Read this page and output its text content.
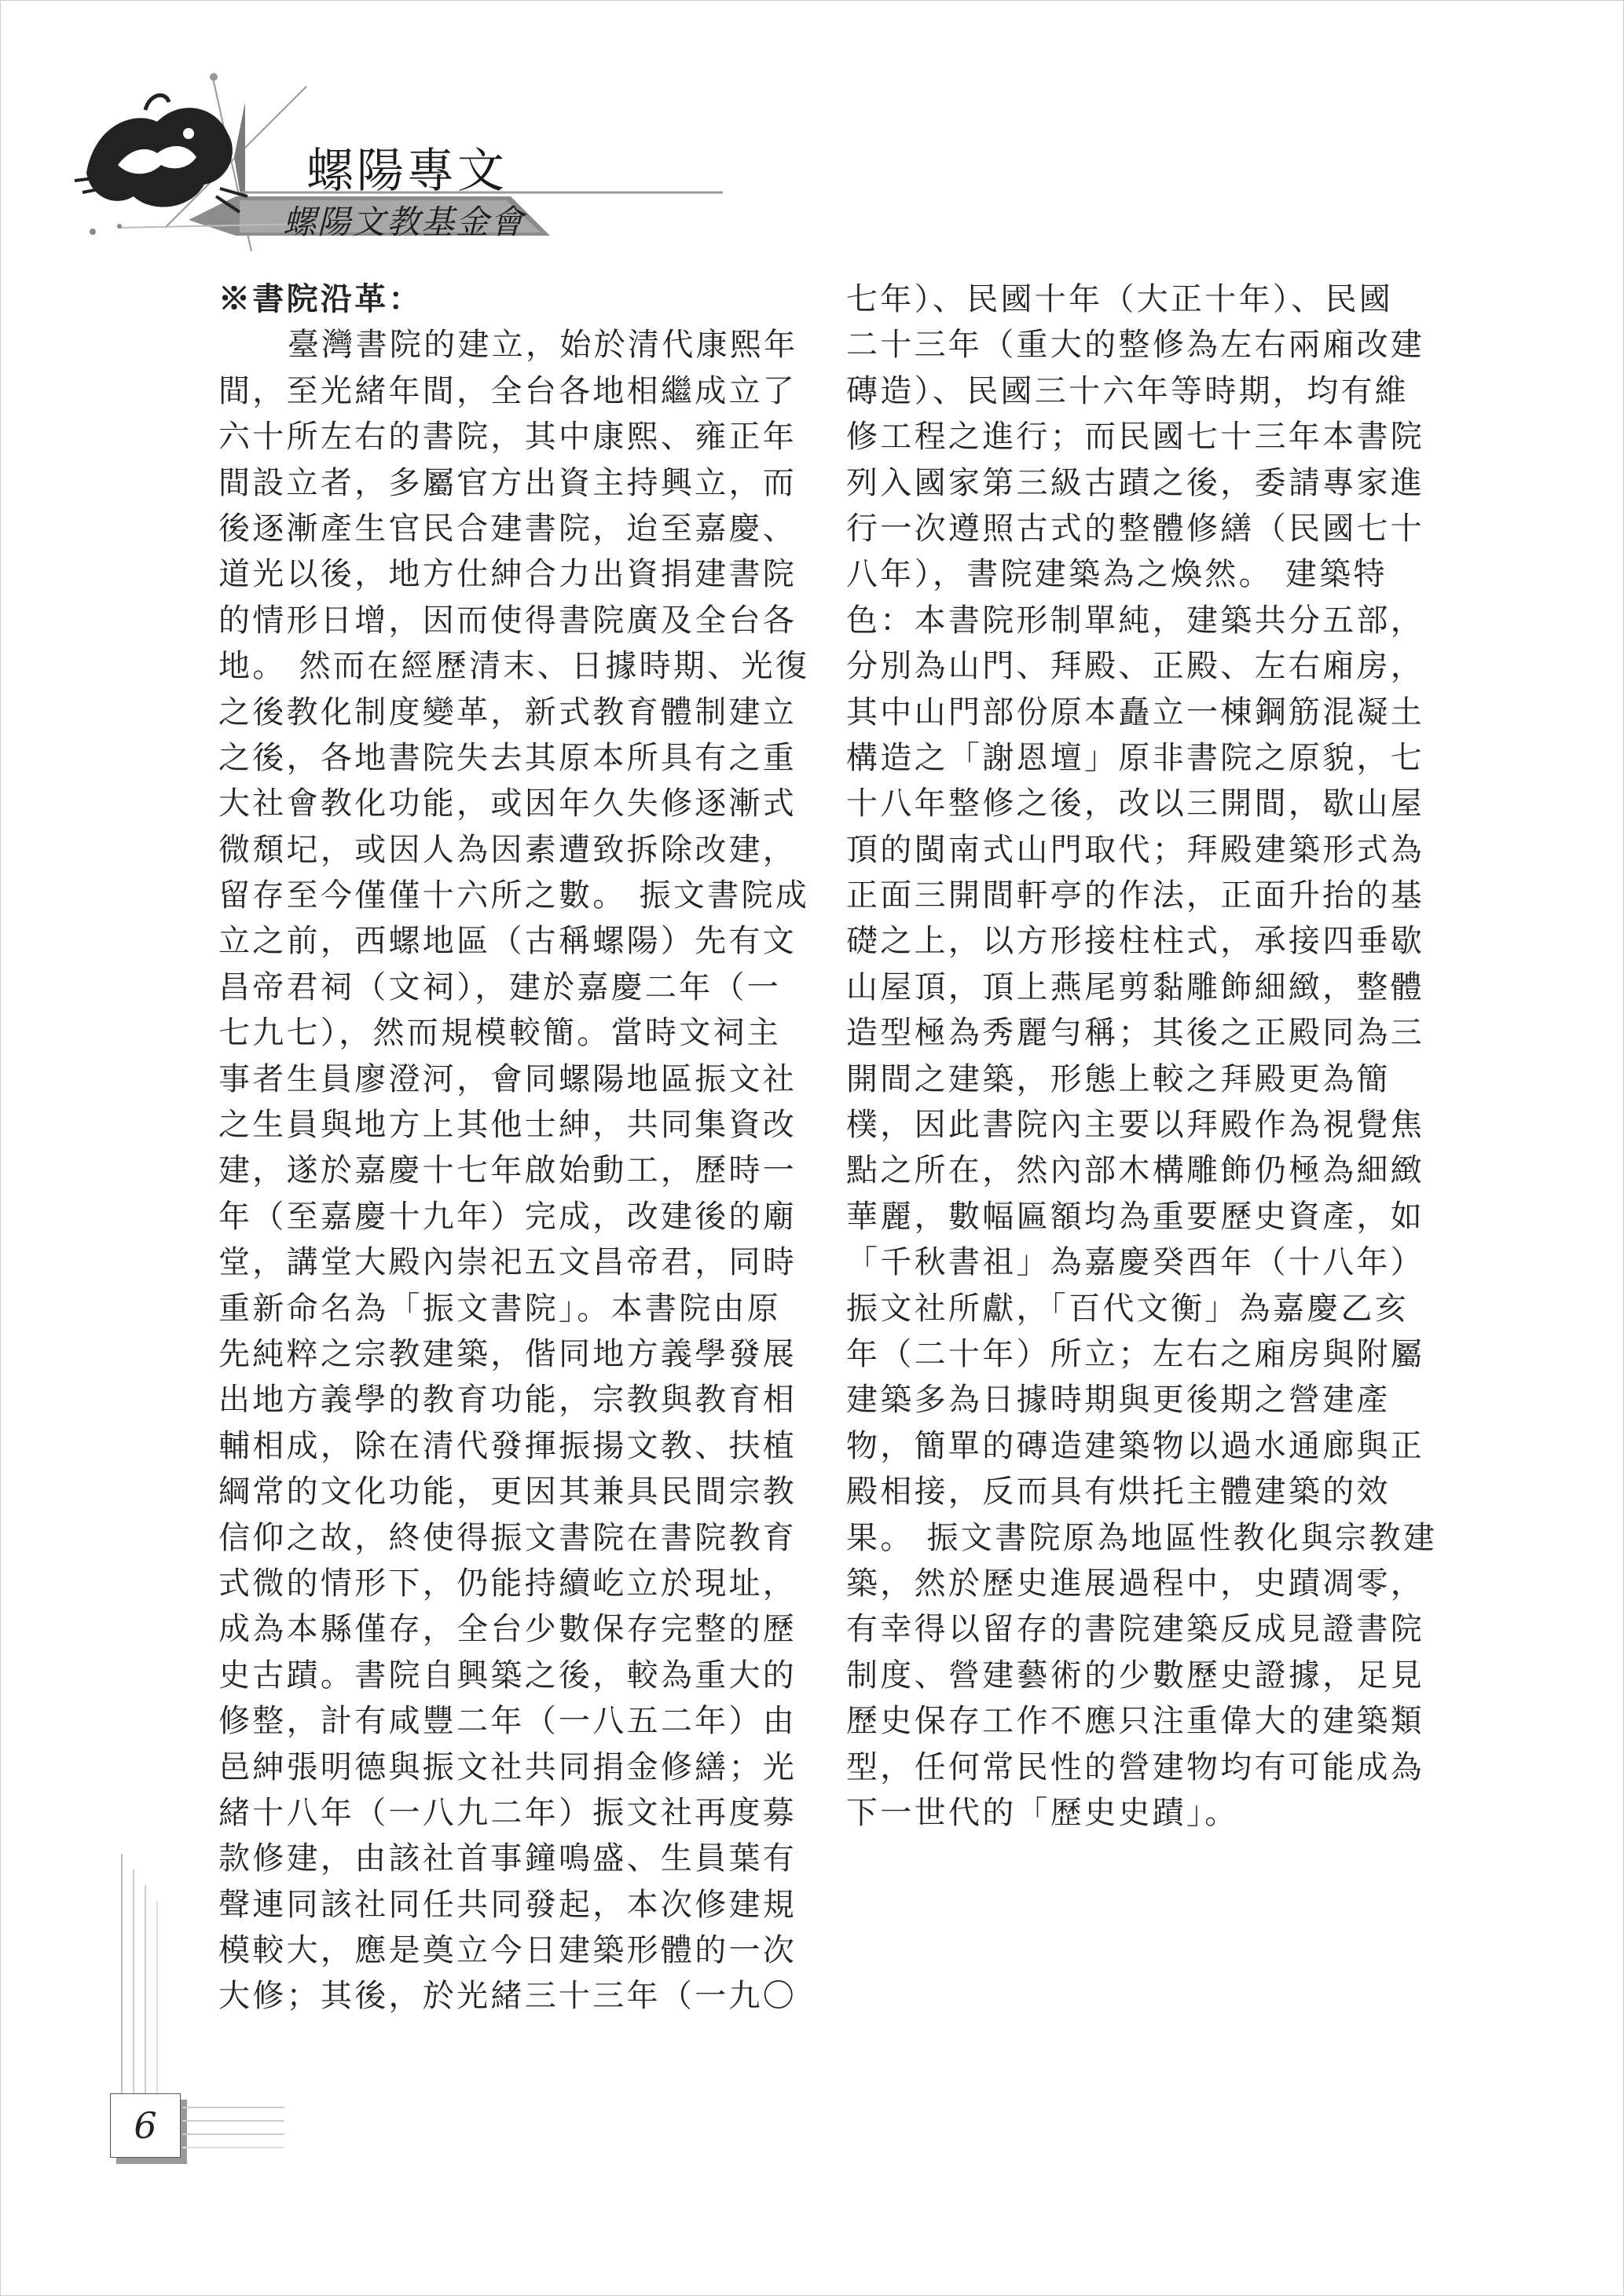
螺陽專文
螺陽文教基金會
※書院沿革：
臺灣書院的建立，始於清代康熙年
間，至光緒年間，全台各地相繼成立了
六十所左右的書院，其中康熙、雍正年
間設立者，多屬官方出資主持興立，而
後逐漸產生官民合建書院，迨至嘉慶、
道光以後，地方仕紳合力出資捐建書院
的情形日增，因而使得書院廣及全台各
地。 然而在經歷清末、日據時期、光復
之後教化制度變革，新式教育體制建立
之後，各地書院失去其原本所具有之重
大社會教化功能，或因年久失修逐漸式
微頹圮，或因人為因素遭致拆除改建，
留存至今僅僅十六所之數。 振文書院成
立之前，西螺地區（古稱螺陽）先有文
昌帝君祠（文祠），建於嘉慶二年（一
七九七），然而規模較簡。當時文祠主
事者生員廖澄河，會同螺陽地區振文社
之生員與地方上其他士紳，共同集資改
建，遂於嘉慶十七年啟始動工，歷時一
年（至嘉慶十九年）完成，改建後的廟
堂，講堂大殿內崇祀五文昌帝君，同時
重新命名為「振文書院」。本書院由原
先純粹之宗教建築，偕同地方義學發展
出地方義學的教育功能，宗教與教育相
輔相成，除在清代發揮振揚文教、扶植
綱常的文化功能，更因其兼具民間宗教
信仰之故，終使得振文書院在書院教育
式微的情形下，仍能持續屹立於現址，
成為本縣僅存，全台少數保存完整的歷
史古蹟。書院自興築之後，較為重大的
修整，計有咸豐二年（一八五二年）由
邑紳張明德與振文社共同捐金修繕；光
緒十八年（一八九二年）振文社再度募
款修建，由該社首事鐘鳴盛、生員葉有
聲連同該社同任共同發起，本次修建規
模較大，應是奠立今日建築形體的一次
大修；其後，於光緒三十三年（一九〇
七年）、民國十年（大正十年）、民國
二十三年（重大的整修為左右兩廂改建
磚造）、民國三十六年等時期，均有維
修工程之進行；而民國七十三年本書院
列入國家第三級古蹟之後，委請專家進
行一次遵照古式的整體修繕（民國七十
八年），書院建築為之煥然。 建築特
色：本書院形制單純，建築共分五部，
分別為山門、拜殿、正殿、左右廂房，
其中山門部份原本矗立一棟鋼筋混凝土
構造之「謝恩壇」原非書院之原貌，七
十八年整修之後，改以三開間，歇山屋
頂的閩南式山門取代；拜殿建築形式為
正面三開間軒亭的作法，正面升抬的基
礎之上，以方形接柱柱式，承接四垂歇
山屋頂，頂上燕尾剪黏雕飾細緻，整體
造型極為秀麗勻稱；其後之正殿同為三
開間之建築，形態上較之拜殿更為簡
樸，因此書院內主要以拜殿作為視覺焦
點之所在，然內部木構雕飾仍極為細緻
華麗，數幅匾額均為重要歷史資產，如
「千秋書祖」為嘉慶癸酉年（十八年）
振文社所獻，「百代文衡」為嘉慶乙亥
年（二十年）所立；左右之廂房與附屬
建築多為日據時期與更後期之營建產
物，簡單的磚造建築物以過水通廊與正
殿相接，反而具有烘托主體建築的效
果。 振文書院原為地區性教化與宗教建
築，然於歷史進展過程中，史蹟凋零，
有幸得以留存的書院建築反成見證書院
制度、營建藝術的少數歷史證據，足見
歷史保存工作不應只注重偉大的建築類
型，任何常民性的營建物均有可能成為
下一世代的「歷史史蹟」。
6
